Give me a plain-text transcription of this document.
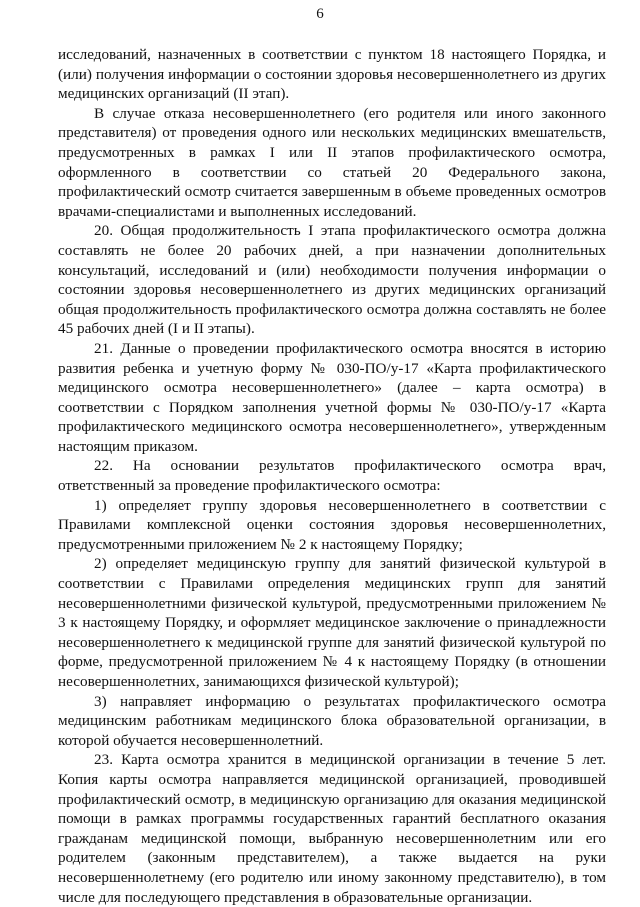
6

исследований, назначенных в соответствии с пунктом 18 настоящего Порядка, и (или) получения информации о состоянии здоровья несовершеннолетнего из других медицинских организаций (II этап).

В случае отказа несовершеннолетнего (его родителя или иного законного представителя) от проведения одного или нескольких медицинских вмешательств, предусмотренных в рамках I или II этапов профилактического осмотра, оформленного в соответствии со статьей 20 Федерального закона, профилактический осмотр считается завершенным в объеме проведенных осмотров врачами-специалистами и выполненных исследований.

20. Общая продолжительность I этапа профилактического осмотра должна составлять не более 20 рабочих дней, а при назначении дополнительных консультаций, исследований и (или) необходимости получения информации о состоянии здоровья несовершеннолетнего из других медицинских организаций общая продолжительность профилактического осмотра должна составлять не более 45 рабочих дней (I и II этапы).

21. Данные о проведении профилактического осмотра вносятся в историю развития ребенка и учетную форму № 030-ПО/у-17 «Карта профилактического медицинского осмотра несовершеннолетнего» (далее – карта осмотра) в соответствии с Порядком заполнения учетной формы № 030-ПО/у-17 «Карта профилактического медицинского осмотра несовершеннолетнего», утвержденным настоящим приказом.

22. На основании результатов профилактического осмотра врач, ответственный за проведение профилактического осмотра:

1) определяет группу здоровья несовершеннолетнего в соответствии с Правилами комплексной оценки состояния здоровья несовершеннолетних, предусмотренными приложением № 2 к настоящему Порядку;

2) определяет медицинскую группу для занятий физической культурой в соответствии с Правилами определения медицинских групп для занятий несовершеннолетними физической культурой, предусмотренными приложением № 3 к настоящему Порядку, и оформляет медицинское заключение о принадлежности несовершеннолетнего к медицинской группе для занятий физической культурой по форме, предусмотренной приложением № 4 к настоящему Порядку (в отношении несовершеннолетних, занимающихся физической культурой);

3) направляет информацию о результатах профилактического осмотра медицинским работникам медицинского блока образовательной организации, в которой обучается несовершеннолетний.

23. Карта осмотра хранится в медицинской организации в течение 5 лет. Копия карты осмотра направляется медицинской организацией, проводившей профилактический осмотр, в медицинскую организацию для оказания медицинской помощи в рамках программы государственных гарантий бесплатного оказания гражданам медицинской помощи, выбранную несовершеннолетним или его родителем (законным представителем), а также выдается на руки несовершеннолетнему (его родителю или иному законному представителю), в том числе для последующего представления в образовательные организации.
